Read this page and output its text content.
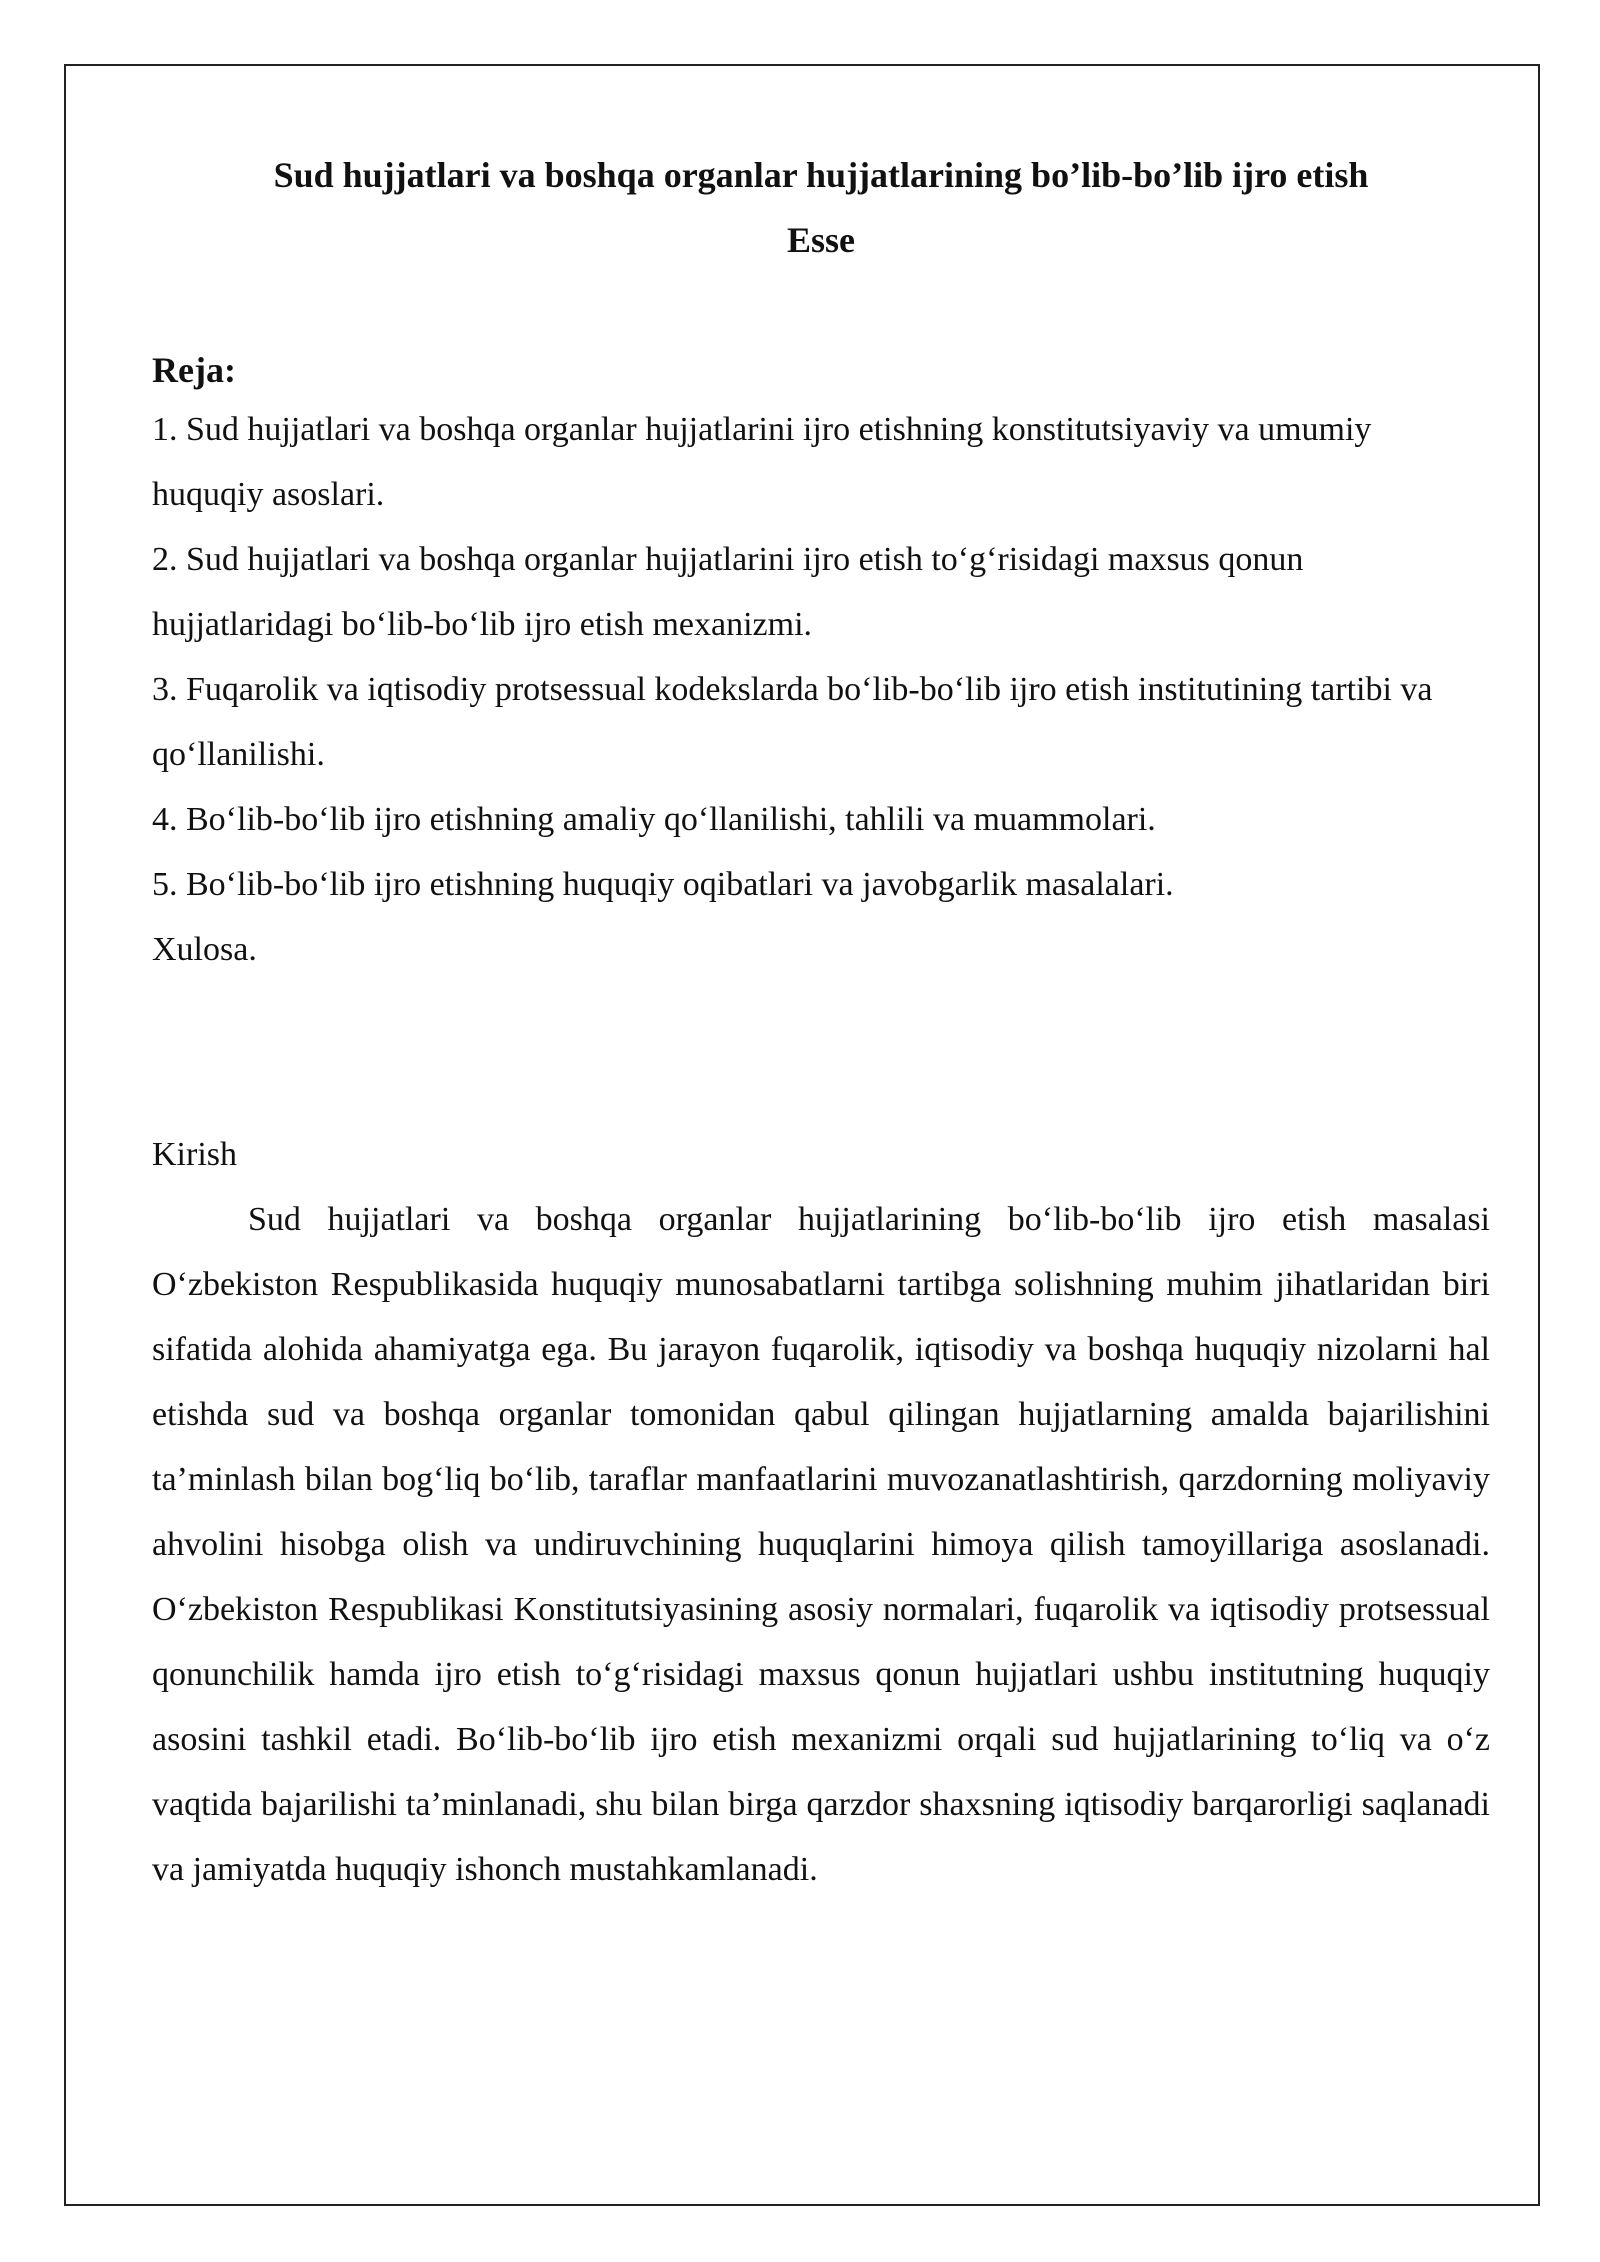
Sud hujjatlari va boshqa organlar hujjatlarining bo’lib-bo’lib ijro etish
Esse
Reja:
1. Sud hujjatlari va boshqa organlar hujjatlarini ijro etishning konstitutsiyaviy va umumiy huquqiy asoslari.
2. Sud hujjatlari va boshqa organlar hujjatlarini ijro etish to‘g‘risidagi maxsus qonun hujjatlaridagi bo‘lib-bo‘lib ijro etish mexanizmi.
3. Fuqarolik va iqtisodiy protsessual kodekslarda bo‘lib-bo‘lib ijro etish institutining tartibi va qo‘llanilishi.
4. Bo‘lib-bo‘lib ijro etishning amaliy qo‘llanilishi, tahlili va muammolari.
5. Bo‘lib-bo‘lib ijro etishning huquqiy oqibatlari va javobgarlik masalalari.
Xulosa.
Kirish

Sud hujjatlari va boshqa organlar hujjatlarining bo‘lib-bo‘lib ijro etish masalasi O‘zbekiston Respublikasida huquqiy munosabatlarni tartibga solishning muhim jihatlaridan biri sifatida alohida ahamiyatga ega. Bu jarayon fuqarolik, iqtisodiy va boshqa huquqiy nizolarni hal etishda sud va boshqa organlar tomonidan qabul qilingan hujjatlarning amalda bajarilishini ta’minlash bilan bog‘liq bo‘lib, taraflar manfaatlarini muvozanatlashtirish, qarzdorning moliyaviy ahvolini hisobga olish va undiruvchining huquqlarini himoya qilish tamoyillariga asoslanadi. O‘zbekiston Respublikasi Konstitutsiyasining asosiy normalari, fuqarolik va iqtisodiy protsessual qonunchilik hamda ijro etish to‘g‘risidagi maxsus qonun hujjatlari ushbu institutning huquqiy asosini tashkil etadi. Bo‘lib-bo‘lib ijro etish mexanizmi orqali sud hujjatlarining to‘liq va o‘z vaqtida bajarilishi ta’minlanadi, shu bilan birga qarzdor shaxsning iqtisodiy barqarorligi saqlanadi va jamiyatda huquqiy ishonch mustahkamlanadi.
